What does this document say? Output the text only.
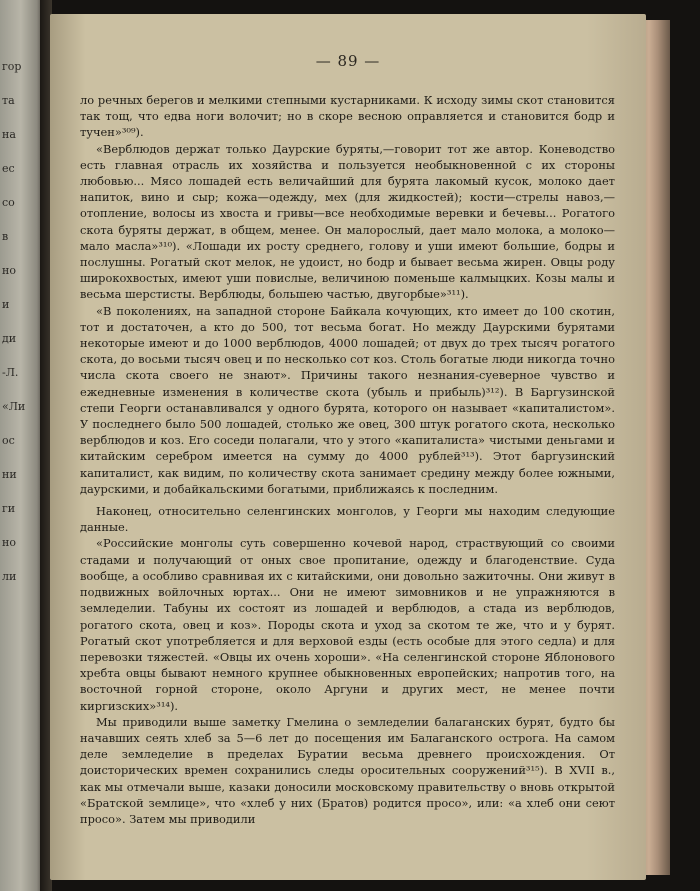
гор
та
на
ес
со
в
но
и
ди
-Л.
«Ли
ос
ни
ги
но
ли
— 89 —

ло речных берегов и мелкими степными кустарниками. К исходу зимы скот становится так тощ, что едва ноги волочит; но в скоре весною оправляется и становится бодр и тучен»³⁰⁹).

«Верблюдов держат только Даурские буряты,—говорит тот же автор. Коневодство есть главная отрасль их хозяйства и пользуется необыкновенной с их стороны любовью... Мясо лошадей есть величайший для бурята лакомый кусок, молоко дает напиток, вино и сыр; кожа—одежду, мех (для жидкостей); кости—стрелы навоз,—отопление, волосы из хвоста и гривы—все необходимые веревки и бечевы... Рогатого скота буряты держат, в общем, менее. Он малорослый, дает мало молока, а молоко—мало масла»³¹⁰). «Лошади их росту среднего, голову и уши имеют большие, бодры и послушны. Рогатый скот мелок, не удоист, но бодр и бывает весьма жирен. Овцы роду широкохвостых, имеют уши повислые, величиною поменьше калмыцких. Козы малы и весьма шерстисты. Верблюды, большею частью, двугорбые»³¹¹).

«В поколениях, на западной стороне Байкала кочующих, кто имеет до 100 скотин, тот и достаточен, а кто до 500, тот весьма богат. Но между Даурскими бурятами некоторые имеют и до 1000 верблюдов, 4000 лошадей; от двух до трех тысяч рогатого скота, до восьми тысяч овец и по несколько сот коз. Столь богатые люди никогда точно числа скота своего не знают». Причины такого незнания-суеверное чувство и ежедневные изменения в количестве скота (убыль и прибыль)³¹²). В Баргузинской степи Георги останавливался у одного бурята, которого он называет «капиталистом». У последнего было 500 лошадей, столько же овец, 300 штук рогатого скота, несколько верблюдов и коз. Его соседи полагали, что у этого «капиталиста» чистыми деньгами и китайским серебром имеется на сумму до 4000 рублей³¹³). Этот баргузинский капиталист, как видим, по количеству скота занимает средину между более южными, даурскими, и добайкальскими богатыми, приближаясь к последним.

Наконец, относительно селенгинских монголов, у Георги мы находим следующие данные.

«Российские монголы суть совершенно кочевой народ, страствующий со своими стадами и получающий от оных свое пропитание, одежду и благоденствие. Суда вообще, а особливо сравнивая их с китайскими, они довольно зажиточны. Они живут в подвижных войлочных юртах... Они не имеют зимовников и не упражняются в земледелии. Табуны их состоят из лошадей и верблюдов, а стада из верблюдов, рогатого скота, овец и коз». Породы скота и уход за скотом те же, что и у бурят. Рогатый скот употребляется и для верховой езды (есть особые для этого седла) и для перевозки тяжестей. «Овцы их очень хороши». «На селенгинской стороне Яблонового хребта овцы бывают немного крупнее обыкновенных европейских; напротив того, на восточной горной стороне, около Аргуни и других мест, не менее почти киргизских»³¹⁴).

Мы приводили выше заметку Гмелина о земледелии балаганских бурят, будто бы начавших сеять хлеб за 5—6 лет до посещения им Балаганского острога. На самом деле земледелие в пределах Буратии весьма древнего происхождения. От доисторических времен сохранились следы оросительных сооружений³¹⁵). В XVII в., как мы отмечали выше, казаки доносили московскому правительству о вновь открытой «Братской землице», что «хлеб у них (Братов) родится просо», или: «а хлеб они сеют просо». Затем мы приводили
